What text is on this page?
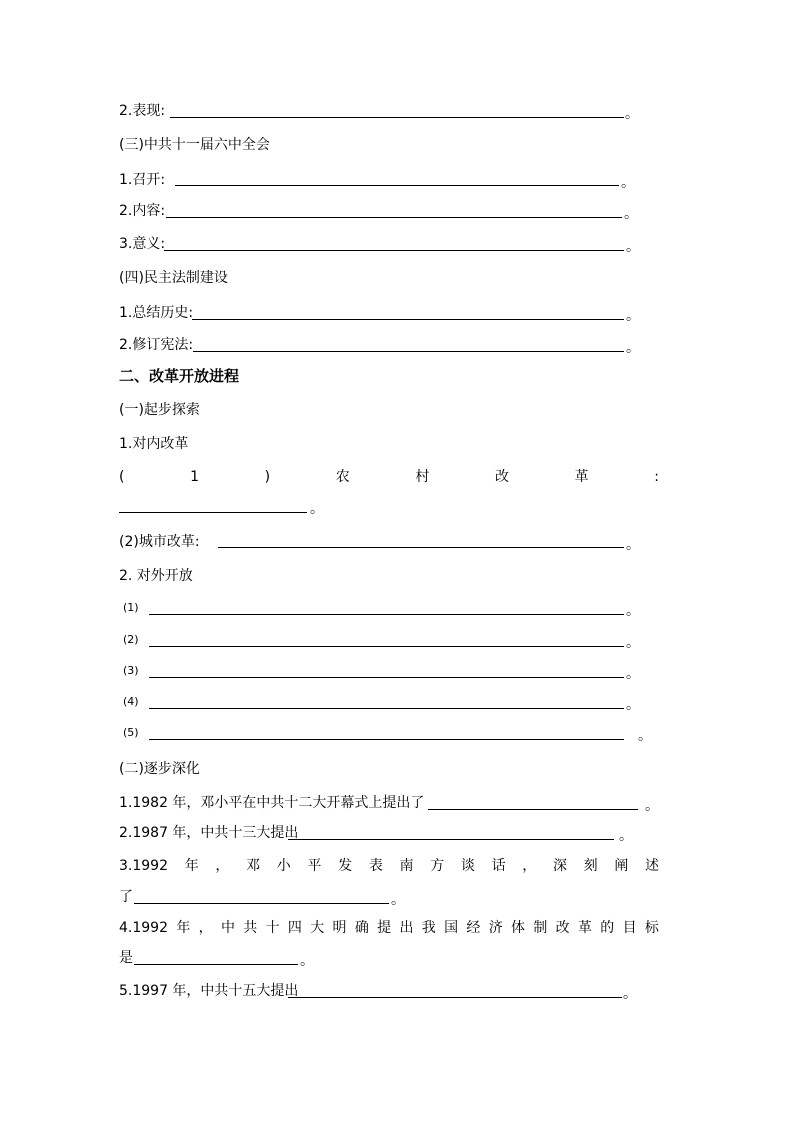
2.表现:	。
(三)中共十一届六中全会
1.召开:	。
2.内容:	。
3.意义:	。
(四)民主法制建设
1.总结历史:	。
2.修订宪法:	。
二、改革开放进程
(一)起步探索
1.对内改革
(	1	)	农	村	改	革	:
。
(2)城市改革:	。
2. 对外开放
(1)	。
(2)	。
(3)	。
(4)	。
(5)	。
(二)逐步深化
1.1982 年，邓小平在中共十二大开幕式上提出了	。
2.1987 年，中共十三大提出	。
3.1992 年 ， 邓 小 平 发 表 南 方 谈 话 ， 深 刻 阐 述
了	。
4.1992 年 ， 中 共 十 四 大 明 确 提 出 我 国 经 济 体 制 改 革 的 目 标
是	。
5.1997 年，中共十五大提出	。
